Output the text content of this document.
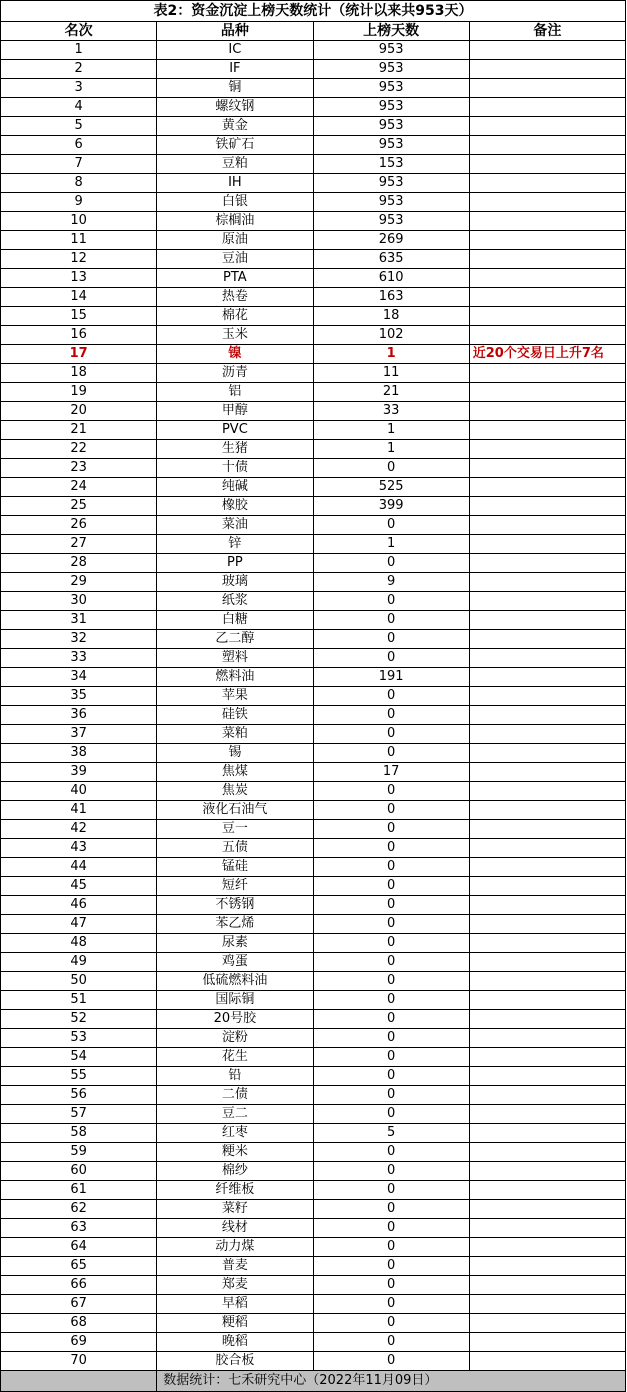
表2：资金沉淀上榜天数统计（统计以来共953天）			
名次	品种	上榜天数	备注
1	IC	953	
2	IF	953	
3	铜	953	
4	螺纹钢	953	
5	黄金	953	
6	铁矿石	953	
7	豆粕	153	
8	IH	953	
9	白银	953	
10	棕榈油	953	
11	原油	269	
12	豆油	635	
13	PTA	610	
14	热卷	163	
15	棉花	18	
16	玉米	102	
17	镍	1	近20个交易日上升7名
18	沥青	11	
19	铝	21	
20	甲醇	33	
21	PVC	1	
22	生猪	1	
23	十债	0	
24	纯碱	525	
25	橡胶	399	
26	菜油	0	
27	锌	1	
28	PP	0	
29	玻璃	9	
30	纸浆	0	
31	白糖	0	
32	乙二醇	0	
33	塑料	0	
34	燃料油	191	
35	苹果	0	
36	硅铁	0	
37	菜粕	0	
38	锡	0	
39	焦煤	17	
40	焦炭	0	
41	液化石油气	0	
42	豆一	0	
43	五债	0	
44	锰硅	0	
45	短纤	0	
46	不锈钢	0	
47	苯乙烯	0	
48	尿素	0	
49	鸡蛋	0	
50	低硫燃料油	0	
51	国际铜	0	
52	20号胶	0	
53	淀粉	0	
54	花生	0	
55	铅	0	
56	二债	0	
57	豆二	0	
58	红枣	5	
59	粳米	0	
60	棉纱	0	
61	纤维板	0	
62	菜籽	0	
63	线材	0	
64	动力煤	0	
65	普麦	0	
66	郑麦	0	
67	早稻	0	
68	粳稻	0	
69	晚稻	0	
70	胶合板	0	
	数据统计：七禾研究中心（2022年11月09日）		
